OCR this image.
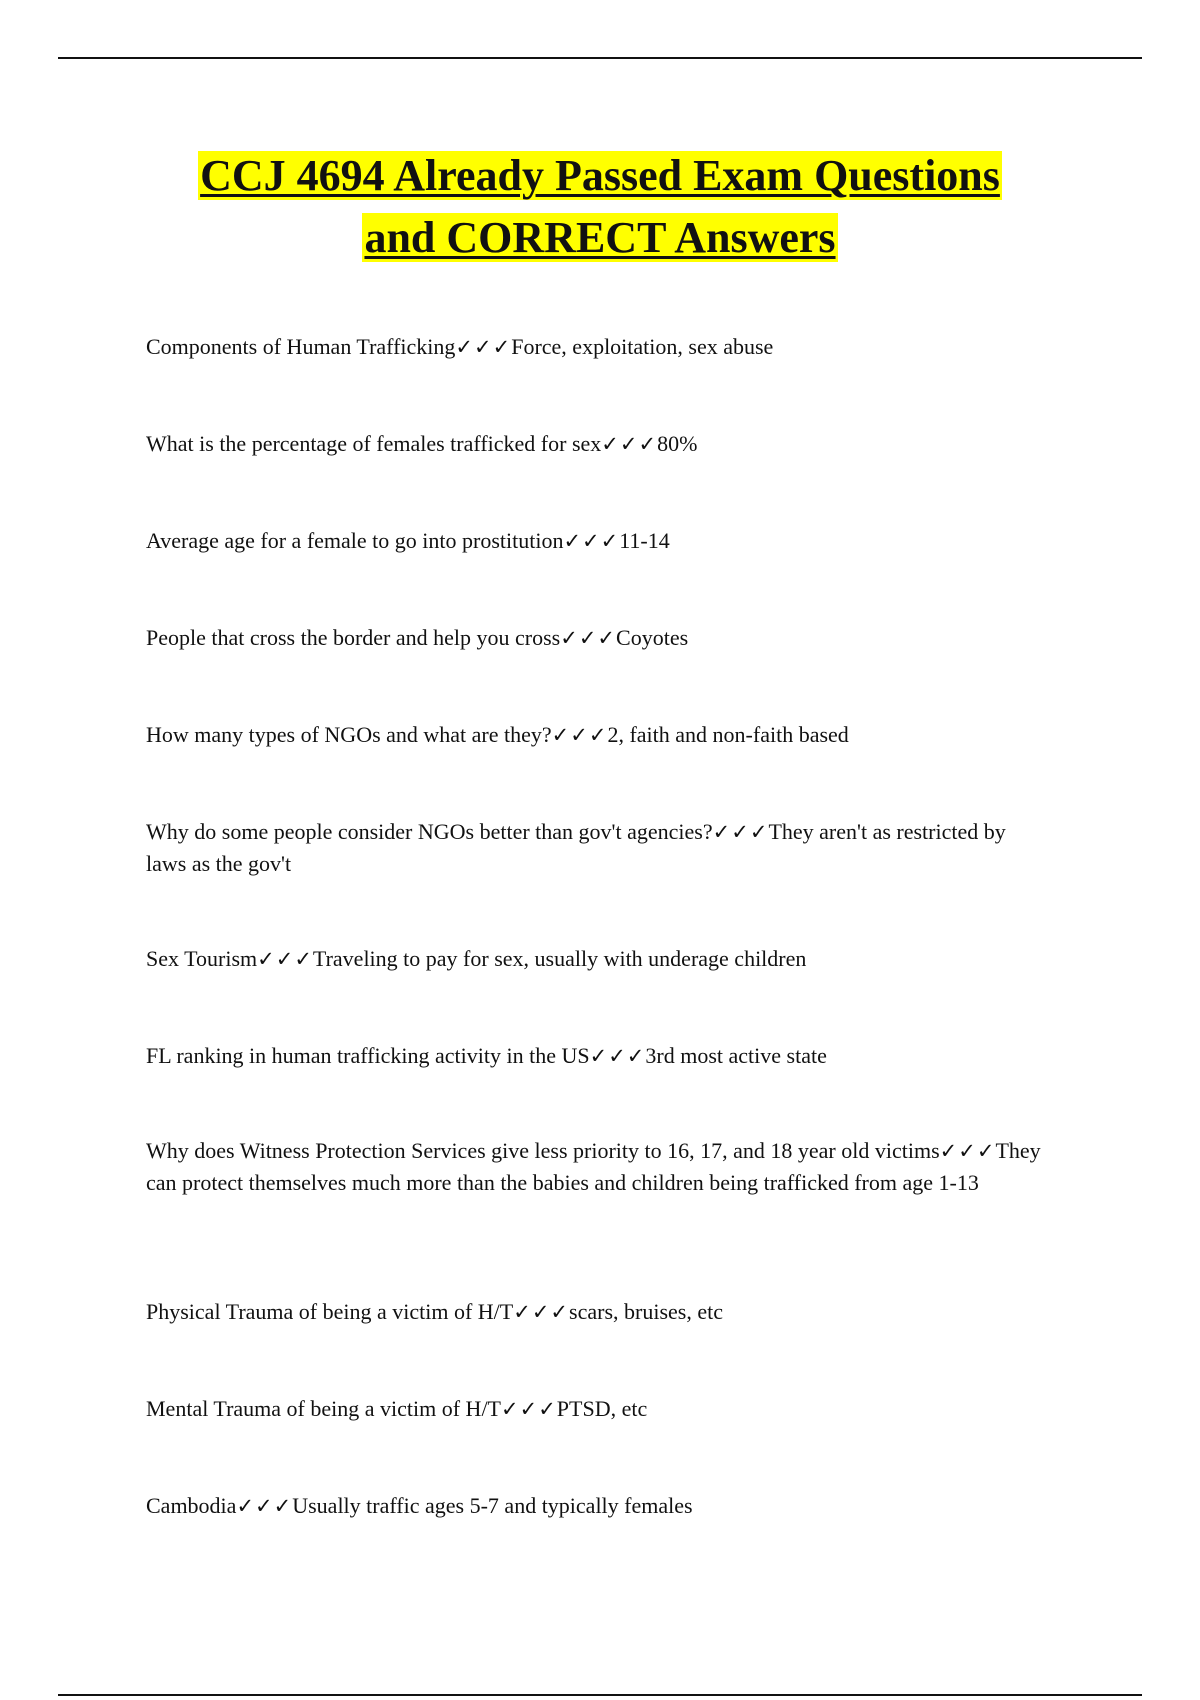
CCJ 4694 Already Passed Exam Questions
and CORRECT Answers
Components of Human Trafficking✓✓✓Force, exploitation, sex abuse
What is the percentage of females trafficked for sex✓✓✓80%
Average age for a female to go into prostitution✓✓✓11-14
People that cross the border and help you cross✓✓✓Coyotes
How many types of NGOs and what are they?✓✓✓2, faith and non-faith based
Why do some people consider NGOs better than gov't agencies?✓✓✓They aren't as restricted by laws as the gov't
Sex Tourism✓✓✓Traveling to pay for sex, usually with underage children
FL ranking in human trafficking activity in the US✓✓✓3rd most active state
Why does Witness Protection Services give less priority to 16, 17, and 18 year old victims✓✓✓They can protect themselves much more than the babies and children being trafficked from age 1-13
Physical Trauma of being a victim of H/T✓✓✓scars, bruises, etc
Mental Trauma of being a victim of H/T✓✓✓PTSD, etc
Cambodia✓✓✓Usually traffic ages 5-7 and typically females
